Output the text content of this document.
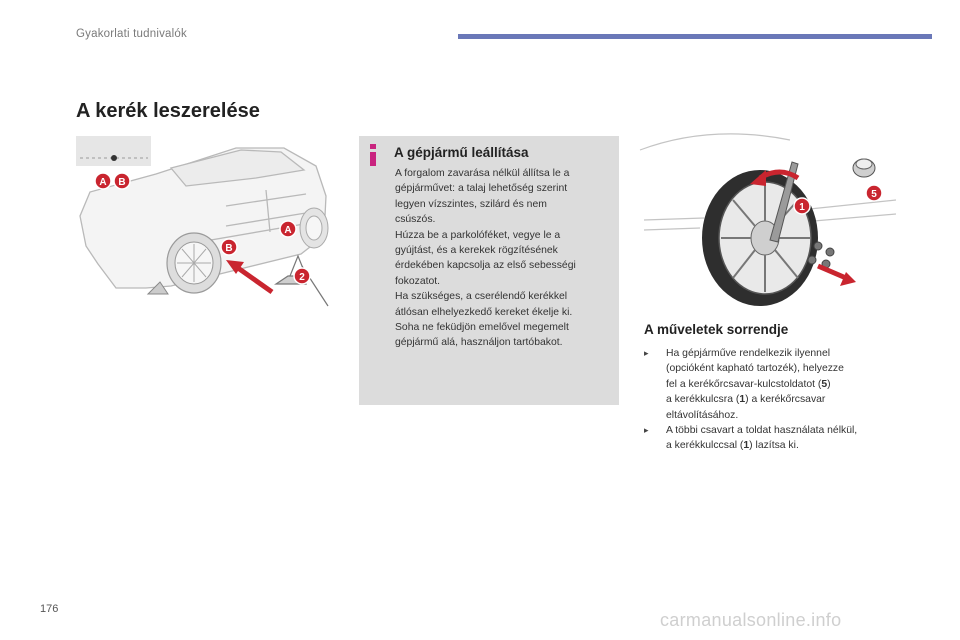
Gyakorlati tudnivalók
A kerék leszerelése
A B
A
B
2
A gépjármű leállítása
A forgalom zavarása nélkül állítsa le a
gépjárművet: a talaj lehetőség szerint
legyen vízszintes, szilárd és nem
csúszós.
Húzza be a parkolóféket, vegye le a
gyújtást, és a kerekek rögzítésének
érdekében kapcsolja az első sebességi
fokozatot.
Ha szükséges, a cserélendő kerékkel
átlósan elhelyezkedő kereket ékelje ki.
Soha ne feküdjön emelővel megemelt
gépjármű alá, használjon tartóbakot.
1
5
A műveletek sorrendje
▸ Ha gépjárműve rendelkezik ilyennel
(opcióként kapható tartozék), helyezze
fel a kerékőrcsavar-kulcstoldatot (5)
a kerékkulcsra (1) a kerékőrcsavar
eltávolításához.
▸ A többi csavart a toldat használata nélkül,
a kerékkulccsal (1) lazítsa ki.
176
carmanualsonline.info
